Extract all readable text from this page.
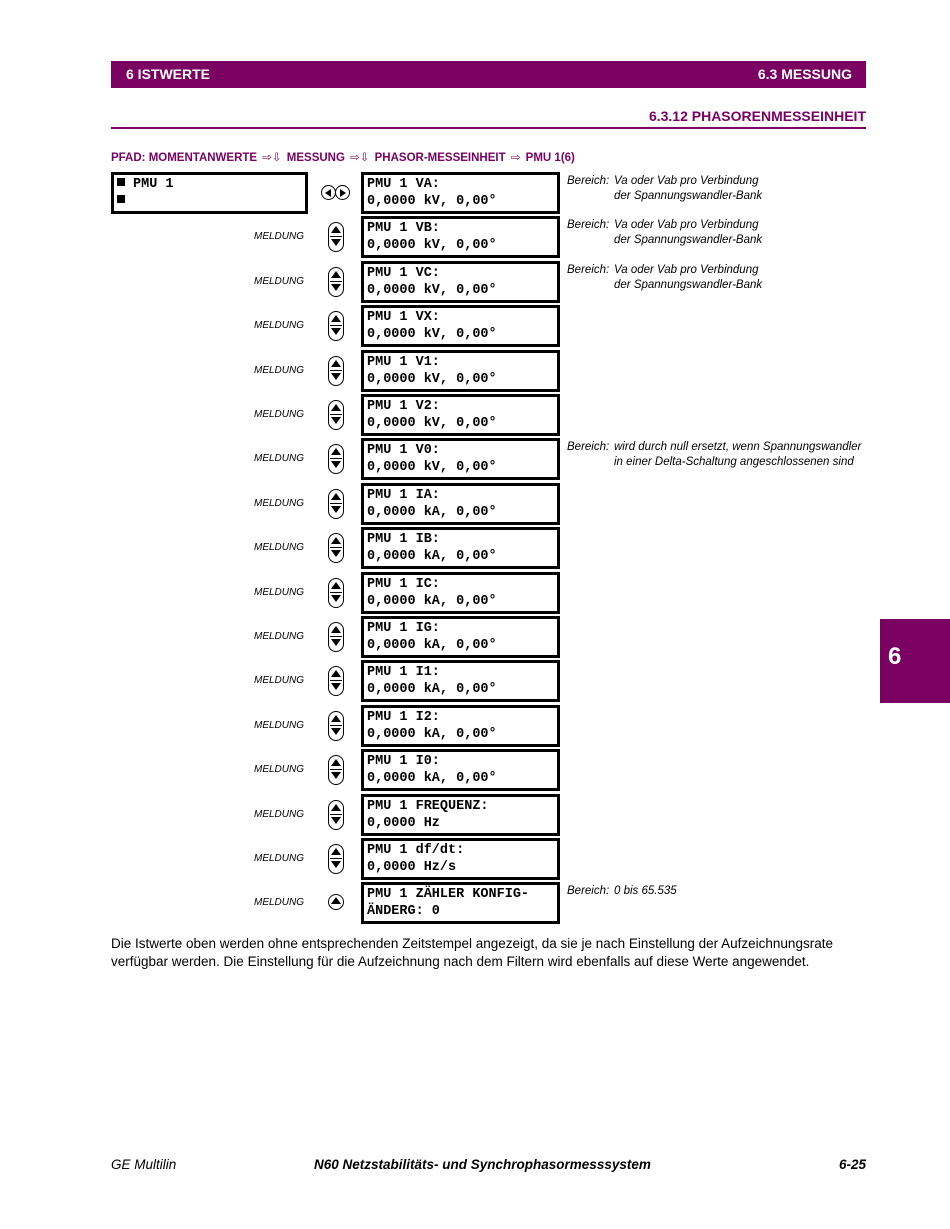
6 ISTWERTE	6.3 MESSUNG
6.3.12 PHASORENMESSEINHEIT
PFAD: MOMENTANWERTE ⇨⇩ MESSUNG ⇨⇩ PHASOR-MESSEINHEIT ⇨ PMU 1(6)
PMU 1	PMU 1 VA:
0,0000 kV, 0,00°
Bereich: Va oder Vab pro Verbindung
der Spannungswandler-Bank
MELDUNG
PMU 1 VB:
0,0000 kV, 0,00°
Bereich: Va oder Vab pro Verbindung
der Spannungswandler-Bank
MELDUNG
PMU 1 VC:
0,0000 kV, 0,00°
Bereich: Va oder Vab pro Verbindung
der Spannungswandler-Bank
MELDUNG
PMU 1 VX:
0,0000 kV, 0,00°
MELDUNG
PMU 1 V1:
0,0000 kV, 0,00°
MELDUNG
PMU 1 V2:
0,0000 kV, 0,00°
MELDUNG
PMU 1 V0:
0,0000 kV, 0,00°
Bereich: wird durch null ersetzt, wenn Spannungswandler
in einer Delta-Schaltung angeschlossenen sind
MELDUNG
PMU 1 IA:
0,0000 kA, 0,00°
MELDUNG
PMU 1 IB:
0,0000 kA, 0,00°
MELDUNG
PMU 1 IC:
0,0000 kA, 0,00°
MELDUNG
PMU 1 IG:
0,0000 kA, 0,00°
MELDUNG
PMU 1 I1:
0,0000 kA, 0,00°
MELDUNG
PMU 1 I2:
0,0000 kA, 0,00°
MELDUNG
PMU 1 I0:
0,0000 kA, 0,00°
MELDUNG
PMU 1 FREQUENZ:
0,0000 Hz
MELDUNG
PMU 1 df/dt:
0,0000 Hz/s
MELDUNG
PMU 1 ZÄHLER KONFIG-
ÄNDERG: 0
Bereich: 0 bis 65.535
Die Istwerte oben werden ohne entsprechenden Zeitstempel angezeigt, da sie je nach Einstellung der Aufzeichnungsrate verfügbar werden. Die Einstellung für die Aufzeichnung nach dem Filtern wird ebenfalls auf diese Werte angewendet.
6
GE Multilin	N60 Netzstabilitäts- und Synchrophasormesssystem	6-25
